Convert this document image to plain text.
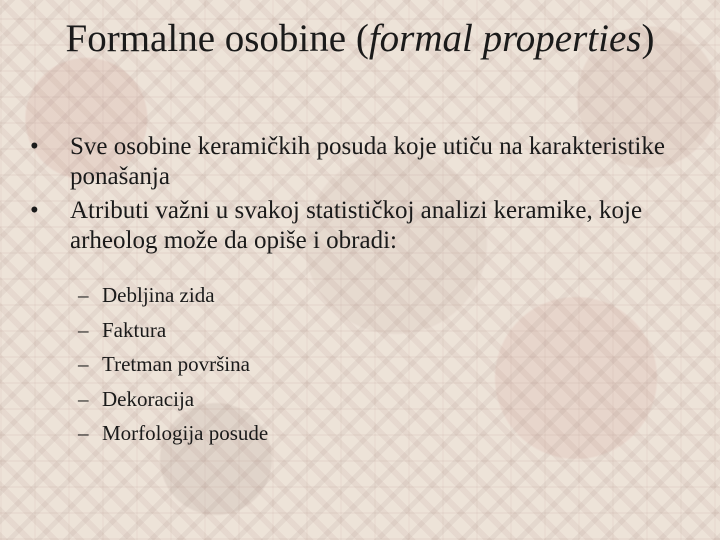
Formalne osobine (formal properties)
• Sve osobine keramičkih posuda koje utiču na karakteristike ponašanja
• Atributi važni u svakoj statističkoj analizi keramike, koje arheolog može da opiše i obradi:
– Debljina zida
– Faktura
– Tretman površina
– Dekoracija
– Morfologija posude
